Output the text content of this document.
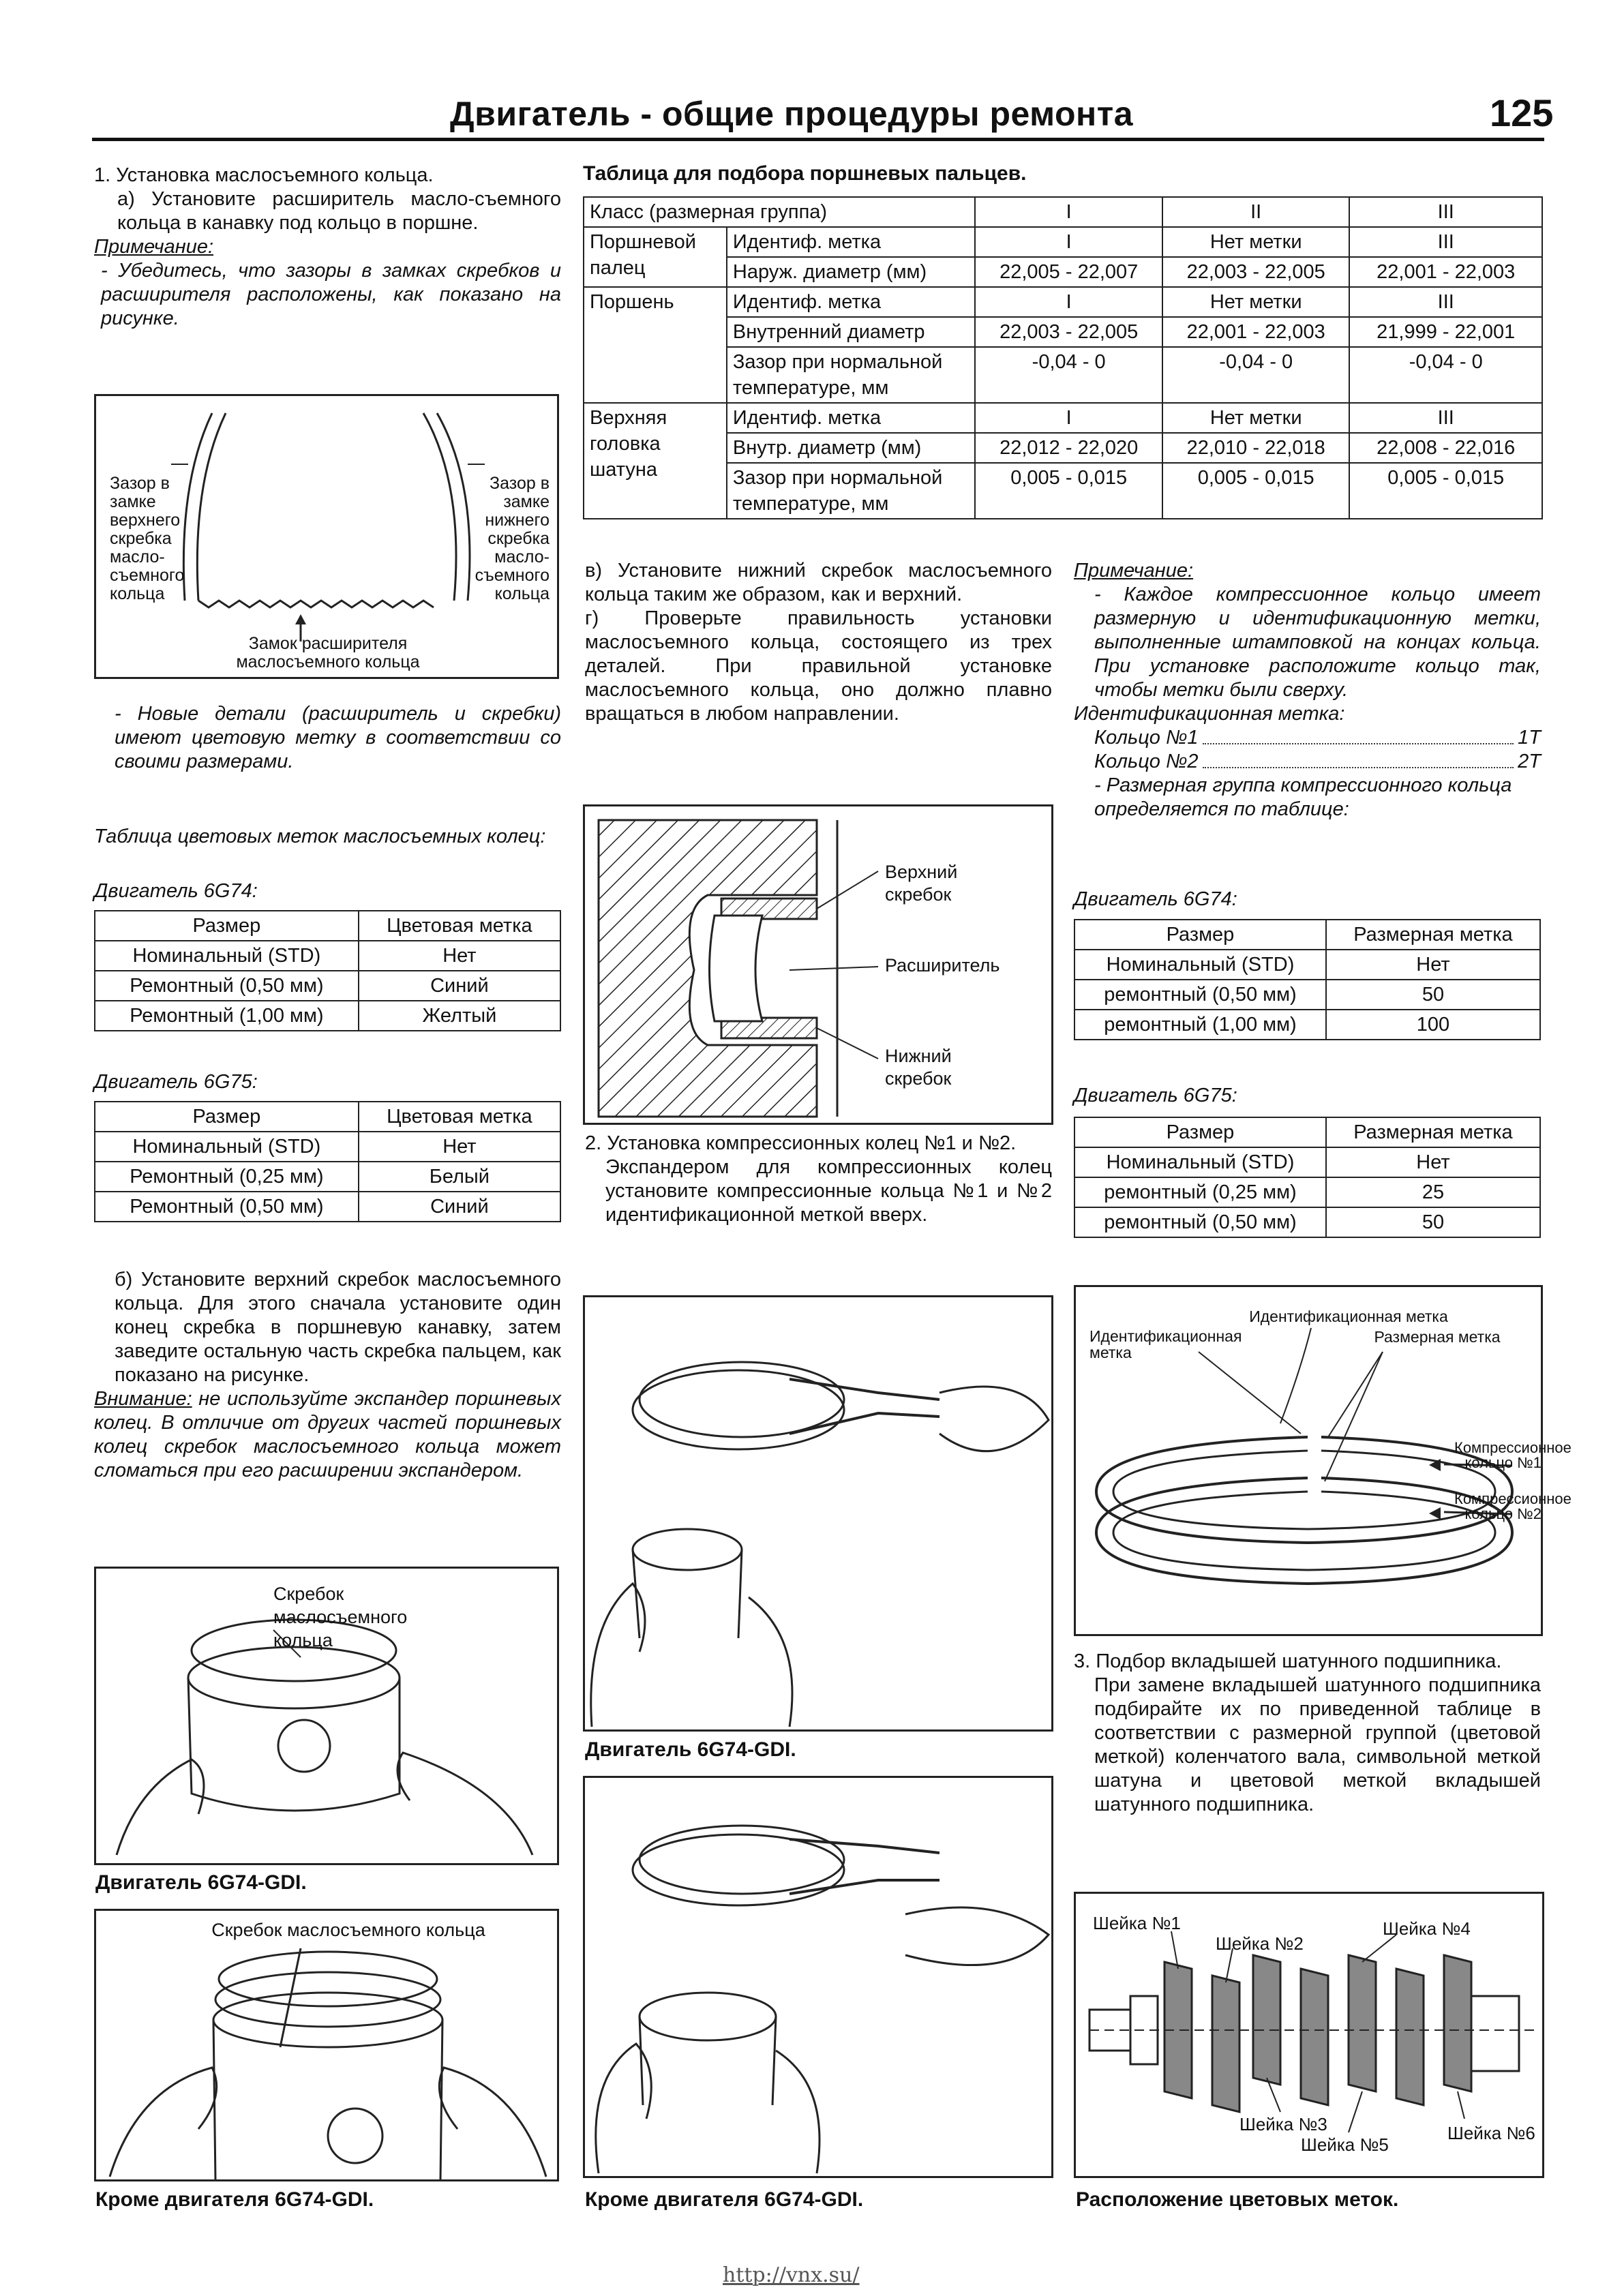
Двигатель - общие процедуры ремонта	125

1. Установка маслосъемного кольца.

а) Установите расширитель масло-съемного кольца в канавку под кольцо в поршне.

Примечание:

- Убедитесь, что зазоры в замках скребков и расширителя расположены, как показано на рисунке.

Зазор в замке верхнего скребка масло-съемного кольца
Зазор в замке нижнего скребка масло-съемного кольца
Замок расширителя маслосъемного кольца
- Новые детали (расширитель и скребки) имеют цветовую метку в соответствии со своими размерами.
Таблица цветовых меток маслосъемных колец:
Двигатель 6G74:
Размер	Цветовая метка
Номинальный (STD)	Нет
Ремонтный (0,50 мм)	Синий
Ремонтный (1,00 мм)	Желтый
Двигатель 6G75:
Размер	Цветовая метка
Номинальный (STD)	Нет
Ремонтный (0,25 мм)	Белый
Ремонтный (0,50 мм)	Синий

б) Установите верхний скребок маслосъемного кольца. Для этого сначала установите один конец скребка в поршневую канавку, затем заведите остальную часть скребка пальцем, как показано на рисунке.

Внимание: не используйте экспандер поршневых колец. В отличие от других частей поршневых колец скребок маслосъемного кольца может сломаться при его расширении экспандером.

Скребок маслосъемного кольца
Двигатель 6G74-GDI.
Скребок маслосъемного кольца
Кроме двигателя 6G74-GDI.
Таблица для подбора поршневых пальцев.
Класс (размерная группа)		I	II	III
Поршневой палец	Идентиф. метка	I	Нет метки	III
	Наруж. диаметр (мм)	22,005 - 22,007	22,003 - 22,005	22,001 - 22,003
Поршень	Идентиф. метка	I	Нет метки	III
	Внутренний диаметр	22,003 - 22,005	22,001 - 22,003	21,999 - 22,001
	Зазор при нормальной температуре, мм	-0,04 - 0	-0,04 - 0	-0,04 - 0
Верхняя головка шатуна	Идентиф. метка	I	Нет метки	III
	Внутр. диаметр (мм)	22,012 - 22,020	22,010 - 22,018	22,008 - 22,016
	Зазор при нормальной температуре, мм	0,005 - 0,015	0,005 - 0,015	0,005 - 0,015

в) Установите нижний скребок маслосъемного кольца таким же образом, как и верхний.

г) Проверьте правильность установки маслосъемного кольца, состоящего из трех деталей. При правильной установке маслосъемного кольца, оно должно плавно вращаться в любом направлении.

Верхний скребок
Расширитель
Нижний скребок

2. Установка компрессионных колец №1 и №2.

Экспандером для компрессионных колец установите компрессионные кольца №1 и №2 идентификационной меткой вверх.

Двигатель 6G74-GDI.
Кроме двигателя 6G74-GDI.

Примечание:

- Каждое компрессионное кольцо имеет размерную и идентификационную метки, выполненные штамповкой на концах кольца. При установке расположите кольцо так, чтобы метки были сверху.

Идентификационная метка:

Кольцо №1	1T
Кольцо №2	2T

- Размерная группа компрессионного кольца определяется по таблице:

Двигатель 6G74:
Размер	Размерная метка
Номинальный (STD)	Нет
ремонтный (0,50 мм)	50
ремонтный (1,00 мм)	100
Двигатель 6G75:
Размер	Размерная метка
Номинальный (STD)	Нет
ремонтный (0,25 мм)	25
ремонтный (0,50 мм)	50
Идентификационная метка
Идентификационная метка
Размерная метка
Компрессионное кольцо №1
Компрессионное кольцо №2

3. Подбор вкладышей шатунного подшипника.

При замене вкладышей шатунного подшипника подбирайте их по приведенной таблице в соответствии с размерной группой (цветовой меткой) коленчатого вала, символьной меткой шатуна и цветовой меткой вкладышей шатунного подшипника.

Шейка №1
Шейка №2
Шейка №4
Шейка №3
Шейка №5
Шейка №6
Расположение цветовых меток.
http://vnx.su/
